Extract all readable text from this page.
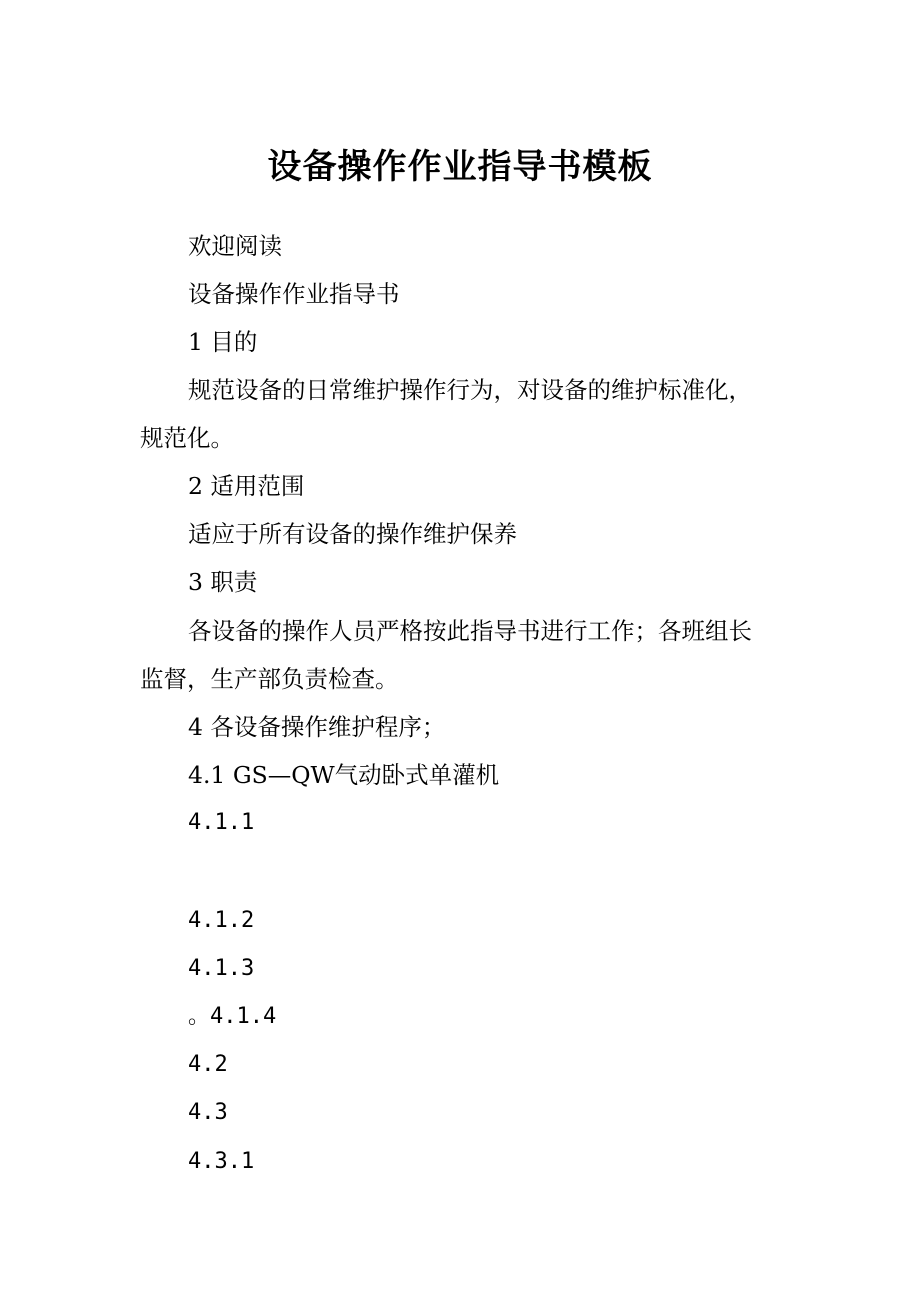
设备操作作业指导书模板
欢迎阅读
设备操作作业指导书
1 目的
规范设备的日常维护操作行为，对设备的维护标准化，
规范化。
2 适用范围
适应于所有设备的操作维护保养
3 职责
各设备的操作人员严格按此指导书进行工作；各班组长
监督，生产部负责检查。
4 各设备操作维护程序；
4.1 GS—QW气动卧式单灌机
4.1.1
4.1.2
4.1.3
。4.1.4
4.2
4.3
4.3.1
